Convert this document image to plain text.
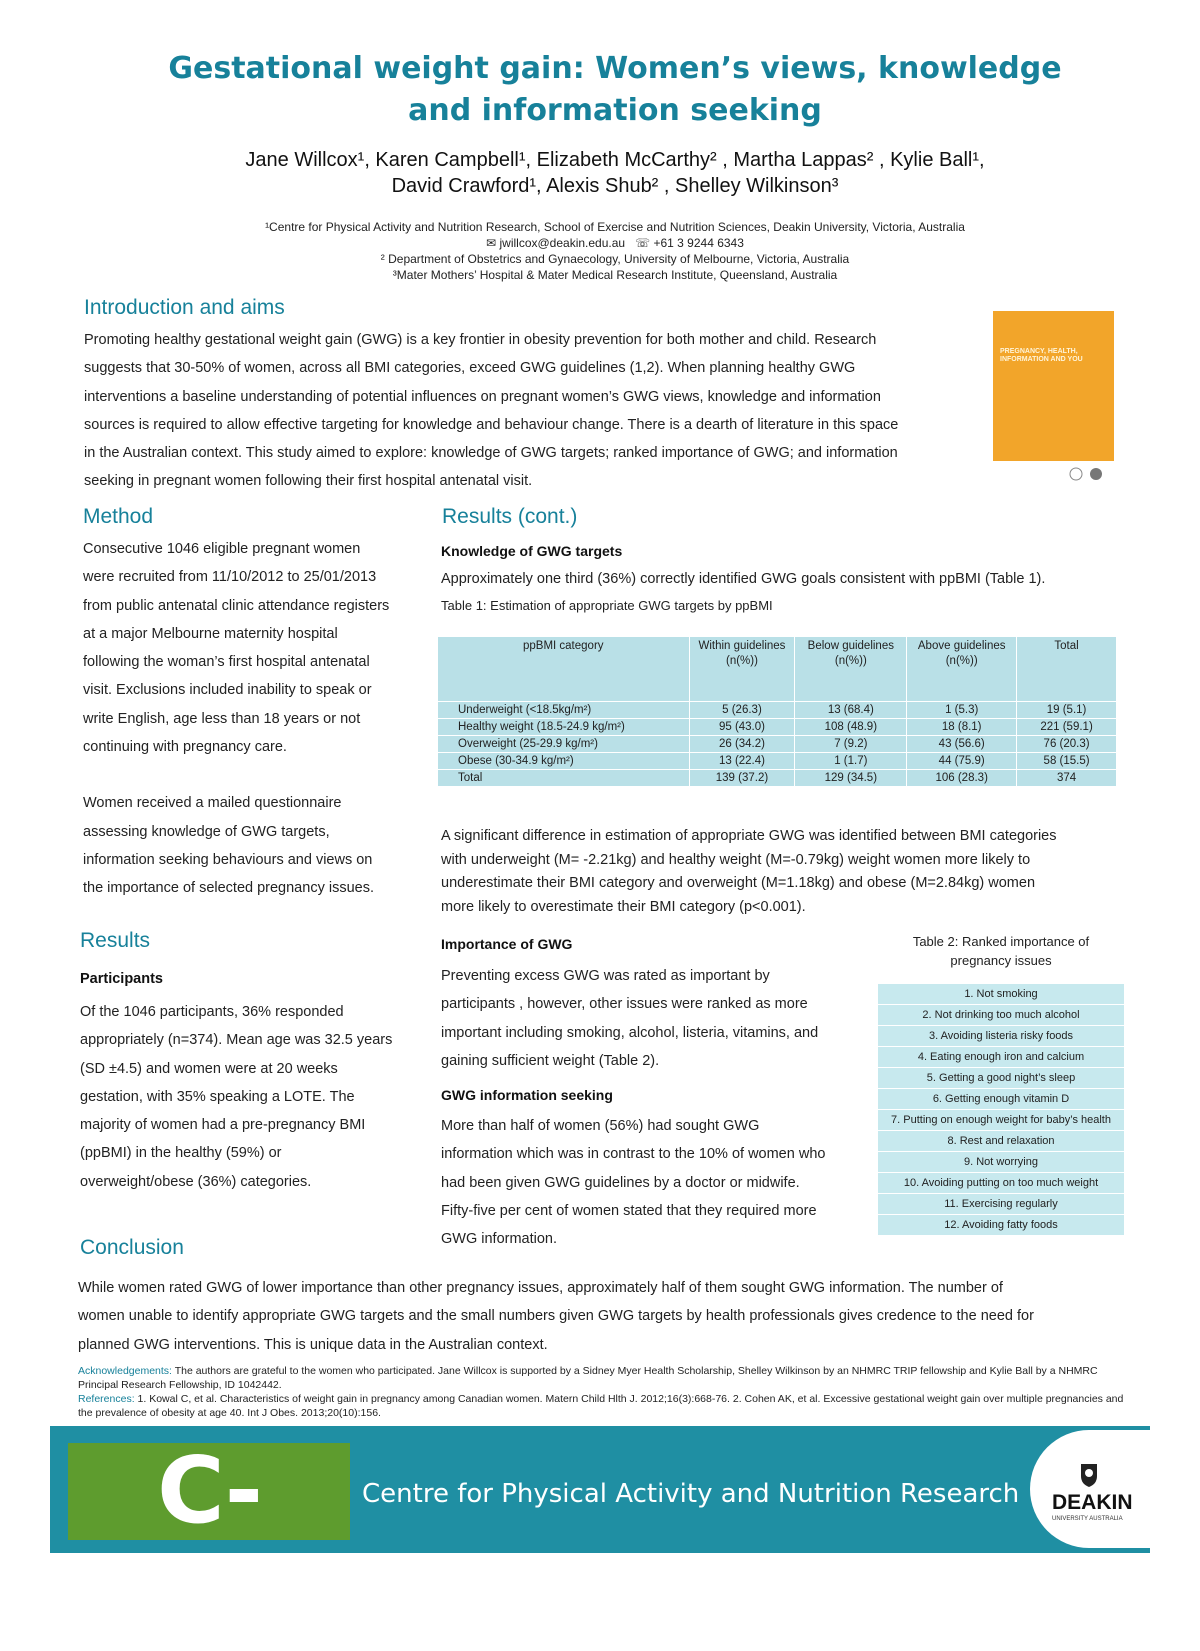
Gestational weight gain: Women’s views, knowledge
and information seeking
Jane Willcox¹, Karen Campbell¹, Elizabeth McCarthy² , Martha Lappas² , Kylie Ball¹,
David Crawford¹, Alexis Shub² , Shelley Wilkinson³
¹Centre for Physical Activity and Nutrition Research, School of Exercise and Nutrition Sciences, Deakin University, Victoria, Australia
✉ jwillcox@deakin.edu.au ☏ +61 3 9244 6343
² Department of Obstetrics and Gynaecology, University of Melbourne, Victoria, Australia
³Mater Mothers’ Hospital & Mater Medical Research Institute, Queensland, Australia
Introduction and aims
Promoting healthy gestational weight gain (GWG) is a key frontier in obesity prevention for both mother and child. Research
suggests that 30-50% of women, across all BMI categories, exceed GWG guidelines (1,2). When planning healthy GWG
interventions a baseline understanding of potential influences on pregnant women’s GWG views, knowledge and information
sources is required to allow effective targeting for knowledge and behaviour change. There is a dearth of literature in this space
in the Australian context. This study aimed to explore: knowledge of GWG targets; ranked importance of GWG; and information
seeking in pregnant women following their first hospital antenatal visit.
PREGNANCY, HEALTH, INFORMATION AND YOU
Method
Consecutive 1046 eligible pregnant women
were recruited from 11/10/2012 to 25/01/2013
from public antenatal clinic attendance registers
at a major Melbourne maternity hospital
following the woman’s first hospital antenatal
visit. Exclusions included inability to speak or
write English, age less than 18 years or not
continuing with pregnancy care.
Women received a mailed questionnaire
assessing knowledge of GWG targets,
information seeking behaviours and views on
the importance of selected pregnancy issues.
Results
Participants
Of the 1046 participants, 36% responded
appropriately (n=374). Mean age was 32.5 years
(SD ±4.5) and women were at 20 weeks
gestation, with 35% speaking a LOTE. The
majority of women had a pre-pregnancy BMI
(ppBMI) in the healthy (59%) or
overweight/obese (36%) categories.
Results (cont.)
Knowledge of GWG targets
Approximately one third (36%) correctly identified GWG goals consistent with ppBMI (Table 1).
Table 1: Estimation of appropriate GWG targets by ppBMI
ppBMI category	Within guidelines (n(%))	Below guidelines (n(%))	Above guidelines (n(%))	Total
Underweight (<18.5kg/m²)	5 (26.3)	13 (68.4)	1 (5.3)	19 (5.1)
Healthy weight (18.5-24.9 kg/m²)	95 (43.0)	108 (48.9)	18 (8.1)	221 (59.1)
Overweight (25-29.9 kg/m²)	26 (34.2)	7 (9.2)	43 (56.6)	76 (20.3)
Obese (30-34.9 kg/m²)	13 (22.4)	1 (1.7)	44 (75.9)	58 (15.5)
Total	139 (37.2)	129 (34.5)	106 (28.3)	374
A significant difference in estimation of appropriate GWG was identified between BMI categories
with underweight (M= -2.21kg) and healthy weight (M=-0.79kg) weight women more likely to
underestimate their BMI category and overweight (M=1.18kg) and obese (M=2.84kg) women
more likely to overestimate their BMI category (p<0.001).
Importance of GWG
Preventing excess GWG was rated as important by
participants , however, other issues were ranked as more
important including smoking, alcohol, listeria, vitamins, and
gaining sufficient weight (Table 2).
GWG information seeking
More than half of women (56%) had sought GWG
information which was in contrast to the 10% of women who
had been given GWG guidelines by a doctor or midwife.
Fifty-five per cent of women stated that they required more
GWG information.
Table 2: Ranked importance of
pregnancy issues
1. Not smoking
2. Not drinking too much alcohol
3. Avoiding listeria risky foods
4. Eating enough iron and calcium
5. Getting a good night’s sleep
6. Getting enough vitamin D
7. Putting on enough weight for baby’s health
8. Rest and relaxation
9. Not worrying
10. Avoiding putting on too much weight
11. Exercising regularly
12. Avoiding fatty foods
Conclusion
While women rated GWG of lower importance than other pregnancy issues, approximately half of them sought GWG information. The number of
women unable to identify appropriate GWG targets and the small numbers given GWG targets by health professionals gives credence to the need for
planned GWG interventions. This is unique data in the Australian context.
Acknowledgements: The authors are grateful to the women who participated. Jane Willcox is supported by a Sidney Myer Health Scholarship, Shelley Wilkinson by an NHMRC TRIP fellowship and Kylie Ball by a NHMRC Principal Research Fellowship, ID 1042442.
References: 1. Kowal C, et al. Characteristics of weight gain in pregnancy among Canadian women. Matern Child Hlth J. 2012;16(3):668-76. 2. Cohen AK, et al. Excessive gestational weight gain over multiple pregnancies and the prevalence of obesity at age 40. Int J Obes. 2013;20(10):156.
C-PAN
Centre for Physical Activity and Nutrition Research DEAKIN
UNIVERSITY AUSTRALIA
